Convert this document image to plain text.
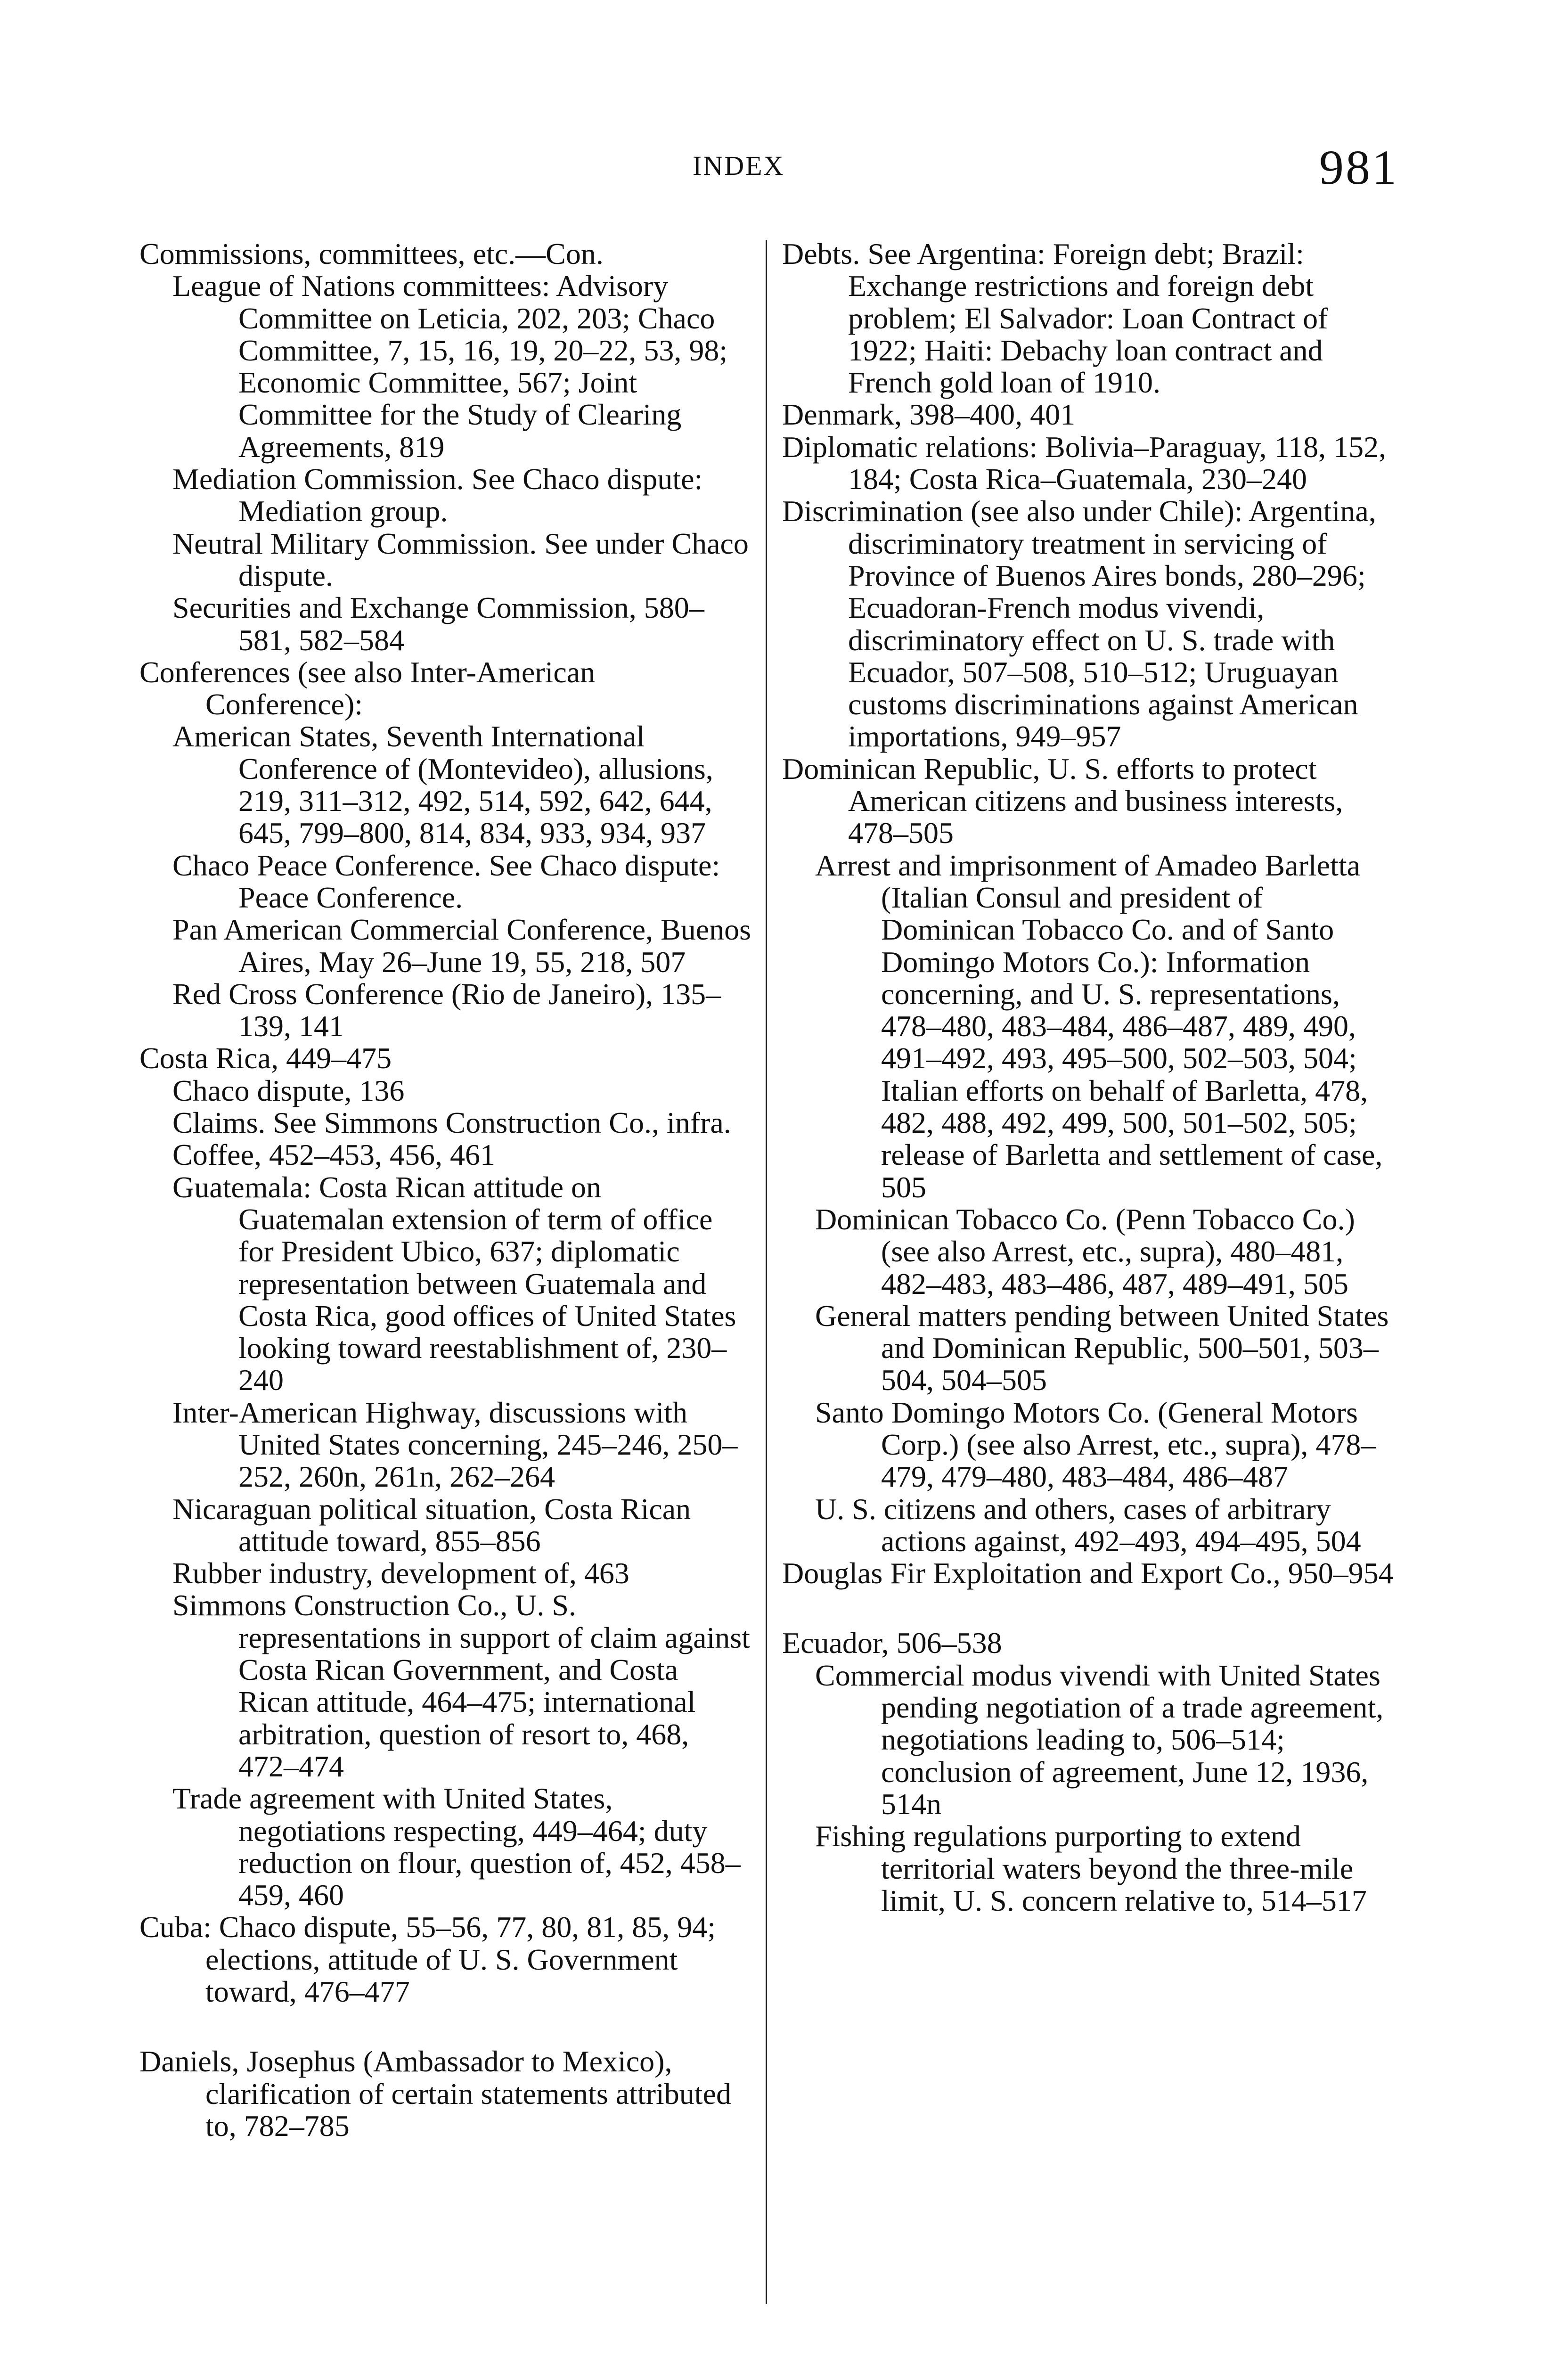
INDEX	981

Commissions, committees, etc.—Con.

League of Nations committees: Advisory Committee on Leticia, 202, 203; Chaco Committee, 7, 15, 16, 19, 20–22, 53, 98; Economic Committee, 567; Joint Committee for the Study of Clearing Agreements, 819

Mediation Commission. See Chaco dispute: Mediation group.

Neutral Military Commission. See under Chaco dispute.

Securities and Exchange Commission, 580–581, 582–584

Conferences (see also Inter-American Conference):

American States, Seventh International Conference of (Montevideo), allusions, 219, 311–312, 492, 514, 592, 642, 644, 645, 799–800, 814, 834, 933, 934, 937

Chaco Peace Conference. See Chaco dispute: Peace Conference.

Pan American Commercial Conference, Buenos Aires, May 26–June 19, 55, 218, 507

Red Cross Conference (Rio de Janeiro), 135–139, 141

Costa Rica, 449–475

Chaco dispute, 136

Claims. See Simmons Construction Co., infra.

Coffee, 452–453, 456, 461

Guatemala: Costa Rican attitude on Guatemalan extension of term of office for President Ubico, 637; diplomatic representation between Guatemala and Costa Rica, good offices of United States looking toward reestablishment of, 230–240

Inter-American Highway, discussions with United States concerning, 245–246, 250–252, 260n, 261n, 262–264

Nicaraguan political situation, Costa Rican attitude toward, 855–856

Rubber industry, development of, 463

Simmons Construction Co., U. S. representations in support of claim against Costa Rican Government, and Costa Rican attitude, 464–475; international arbitration, question of resort to, 468, 472–474

Trade agreement with United States, negotiations respecting, 449–464; duty reduction on flour, question of, 452, 458–459, 460

Cuba: Chaco dispute, 55–56, 77, 80, 81, 85, 94; elections, attitude of U. S. Government toward, 476–477

Daniels, Josephus (Ambassador to Mexico), clarification of certain statements attributed to, 782–785

Debts. See Argentina: Foreign debt; Brazil: Exchange restrictions and foreign debt problem; El Salvador: Loan Contract of 1922; Haiti: Debachy loan contract and French gold loan of 1910.

Denmark, 398–400, 401

Diplomatic relations: Bolivia–Paraguay, 118, 152, 184; Costa Rica–Guatemala, 230–240

Discrimination (see also under Chile): Argentina, discriminatory treatment in servicing of Province of Buenos Aires bonds, 280–296; Ecuadoran-French modus vivendi, discriminatory effect on U. S. trade with Ecuador, 507–508, 510–512; Uruguayan customs discriminations against American importations, 949–957

Dominican Republic, U. S. efforts to protect American citizens and business interests, 478–505

Arrest and imprisonment of Amadeo Barletta (Italian Consul and president of Dominican Tobacco Co. and of Santo Domingo Motors Co.): Information concerning, and U. S. representations, 478–480, 483–484, 486–487, 489, 490, 491–492, 493, 495–500, 502–503, 504; Italian efforts on behalf of Barletta, 478, 482, 488, 492, 499, 500, 501–502, 505; release of Barletta and settlement of case, 505

Dominican Tobacco Co. (Penn Tobacco Co.) (see also Arrest, etc., supra), 480–481, 482–483, 483–486, 487, 489–491, 505

General matters pending between United States and Dominican Republic, 500–501, 503–504, 504–505

Santo Domingo Motors Co. (General Motors Corp.) (see also Arrest, etc., supra), 478–479, 479–480, 483–484, 486–487

U. S. citizens and others, cases of arbitrary actions against, 492–493, 494–495, 504

Douglas Fir Exploitation and Export Co., 950–954

Ecuador, 506–538

Commercial modus vivendi with United States pending negotiation of a trade agreement, negotiations leading to, 506–514; conclusion of agreement, June 12, 1936, 514n

Fishing regulations purporting to extend territorial waters beyond the three-mile limit, U. S. concern relative to, 514–517
